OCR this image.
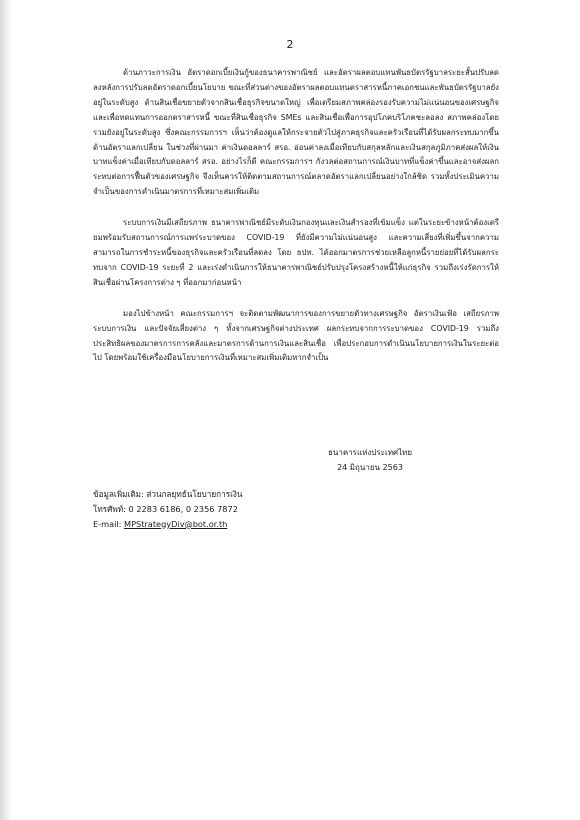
2

ด้านภาวะการเงิน อัตราดอกเบี้ยเงินกู้ของธนาคารพาณิชย์ และอัตราผลตอบแทนพันธบัตรรัฐบาลระยะสั้นปรับลดลงหลังการปรับลดอัตราดอกเบี้ยนโยบาย ขณะที่ส่วนต่างของอัตราผลตอบแทนตราสารหนี้ภาคเอกชนและพันธบัตรรัฐบาลยังอยู่ในระดับสูง ด้านสินเชื่อขยายตัวจากสินเชื่อธุรกิจขนาดใหญ่ เพื่อเตรียมสภาพคล่องรองรับความไม่แน่นอนของเศรษฐกิจและเพื่อทดแทนการออกตราสารหนี้ ขณะที่สินเชื่อธุรกิจ SMEs และสินเชื่อเพื่อการอุปโภคบริโภคชะลอลง สภาพคล่องโดยรวมยังอยู่ในระดับสูง ซึ่งคณะกรรมการฯ เห็นว่าต้องดูแลให้กระจายตัวไปสู่ภาคธุรกิจและครัวเรือนที่ได้รับผลกระทบมากขึ้น ด้านอัตราแลกเปลี่ยน ในช่วงที่ผ่านมา ค่าเงินดอลลาร์ สรอ. อ่อนค่าลงเมื่อเทียบกับสกุลหลักและเงินสกุลภูมิภาคส่งผลให้เงินบาทแข็งค่าเมื่อเทียบกับดอลลาร์ สรอ. อย่างไรก็ดี คณะกรรมการฯ กังวลต่อสถานการณ์เงินบาทที่แข็งค่าขึ้นและอาจส่งผลกระทบต่อการฟื้นตัวของเศรษฐกิจ จึงเห็นควรให้ติดตามสถานการณ์ตลาดอัตราแลกเปลี่ยนอย่างใกล้ชิด รวมทั้งประเมินความจำเป็นของการดำเนินมาตรการที่เหมาะสมเพิ่มเติม

ระบบการเงินมีเสถียรภาพ ธนาคารพาณิชย์มีระดับเงินกองทุนและเงินสำรองที่เข้มแข็ง แต่ในระยะข้างหน้าต้องเตรียมพร้อมรับสถานการณ์การแพร่ระบาดของ COVID-19 ที่ยังมีความไม่แน่นอนสูง และความเสี่ยงที่เพิ่มขึ้นจากความสามารถในการชำระหนี้ของธุรกิจและครัวเรือนที่ลดลง โดย ธปท. ได้ออกมาตรการช่วยเหลือลูกหนี้รายย่อยที่ได้รับผลกระทบจาก COVID-19 ระยะที่ 2 และเร่งดำเนินการให้ธนาคารพาณิชย์ปรับปรุงโครงสร้างหนี้ให้แก่ธุรกิจ รวมถึงเร่งรัดการให้สินเชื่อผ่านโครงการต่าง ๆ ที่ออกมาก่อนหน้า

มองไปข้างหน้า คณะกรรมการฯ จะติดตามพัฒนาการของการขยายตัวทางเศรษฐกิจ อัตราเงินเฟ้อ เสถียรภาพระบบการเงิน และปัจจัยเสี่ยงต่าง ๆ ทั้งจากเศรษฐกิจต่างประเทศ ผลกระทบจากการระบาดของ COVID-19 รวมถึงประสิทธิผลของมาตรการการคลังและมาตรการด้านการเงินและสินเชื่อ เพื่อประกอบการดำเนินนโยบายการเงินในระยะต่อไป โดยพร้อมใช้เครื่องมือนโยบายการเงินที่เหมาะสมเพิ่มเติมหากจำเป็น

ธนาคารแห่งประเทศไทย
24 มิถุนายน 2563
ข้อมูลเพิ่มเติม: ส่วนกลยุทธ์นโยบายการเงิน
โทรศัพท์: 0 2283 6186, 0 2356 7872
E-mail: MPStrategyDiv@bot.or.th
